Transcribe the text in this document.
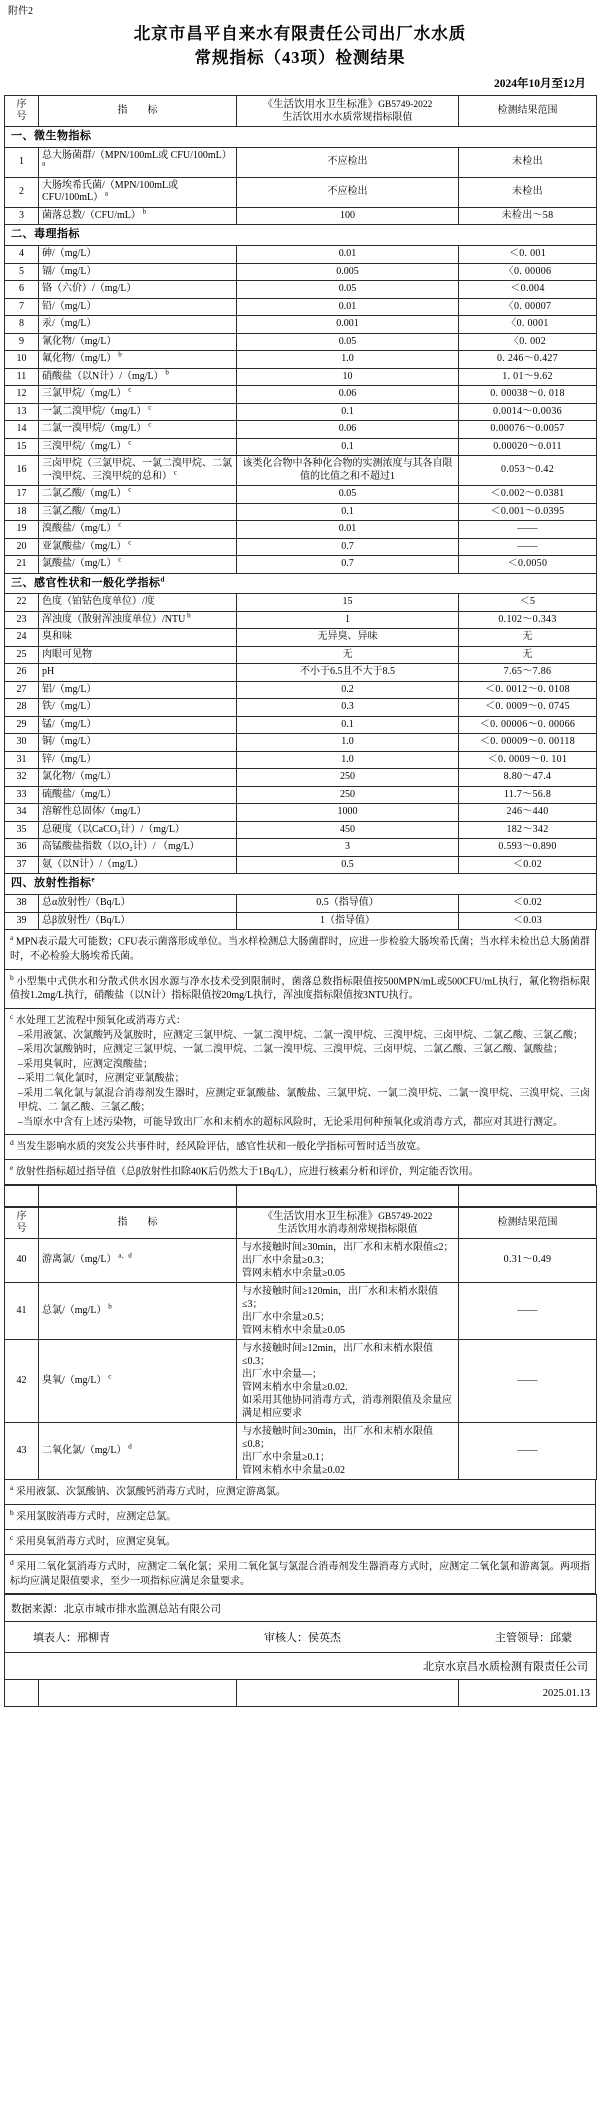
附件2
北京市昌平自来水有限责任公司出厂水水质
常规指标（43项）检测结果
2024年10月至12月
序　号	指　　标	《生活饮用水卫生标准》GB5749-2022
生活饮用水水质常规指标限值	检测结果范围
一、微生物指标			
1	总大肠菌群/（MPN/100mL或 CFU/100mL） $^a$	不应检出	未检出
2	大肠埃希氏菌/（MPN/100mL或 CFU/100mL） $^a$	不应检出	未检出
3	菌落总数/（CFU/mL） $^b$	100	未检出～58
二、毒理指标			
4	砷/（mg/L）	0.01	＜0. 001
5	镉/（mg/L）	0.005	〈0. 00006
6	铬（六价）/（mg/L）	0.05	＜0.004
7	铅/（mg/L）	0.01	〈0. 00007
8	汞/（mg/L）	0.001	〈0. 0001
9	氰化物/（mg/L）	0.05	〈0. 002
10	氟化物/（mg/L） $^b$	1.0	0. 246～0.427
11	硝酸盐（以N计）/（mg/L） $^b$	10	1. 01～9.62
12	三氯甲烷/（mg/L） $^c$	0.06	0. 00038～0. 018
13	一氯二溴甲烷/（mg/L） $^c$	0.1	0.0014～0.0036
14	二氯一溴甲烷/（mg/L） $^c$	0.06	0.00076～0.0057
15	三溴甲烷/（mg/L） $^c$	0.1	0.00020～0.011
16	三卤甲烷（三氯甲烷、一氯二溴甲烷、二氯一溴甲烷、三溴甲烷的总和） $^c$	该类化合物中各种化合物的实测浓度与其各自限值的比值之和不超过1	0.053～0.42
17	二氯乙酸/（mg/L） $^c$	0.05	＜0.002～0.0381
18	三氯乙酸/（mg/L）	0.1	＜0.001～0.0395
19	溴酸盐/（mg/L） $^c$	0.01	——
20	亚氯酸盐/（mg/L） $^c$	0.7	——
21	氯酸盐/（mg/L） $^c$	0.7	＜0.0050
三、感官性状和一般化学指标$^d$
22	色度（铂钴色度单位）/度	15	＜5
23	浑浊度（散射浑浊度单位）/NTU $^b$	1	0.102～0.343
24	臭和味	无异臭、异味	无
25	肉眼可见物	无	无
26	pH	不小于6.5且不大于8.5	7.65～7.86
27	铝/（mg/L）	0.2	＜0. 0012～0. 0108
28	铁/（mg/L）	0.3	＜0. 0009～0. 0745
29	锰/（mg/L）	0.1	＜0. 00006～0. 00066
30	铜/（mg/L）	1.0	＜0. 00009～0. 00118
31	锌/（mg/L）	1.0	＜0. 0009～0. 101
32	氯化物/（mg/L）	250	8.80～47.4
33	硫酸盐/（mg/L）	250	11.7～56.8
34	溶解性总固体/（mg/L）	1000	246～440
35	总硬度（以CaCO₃计）/（mg/L）	450	182～342
36	高锰酸盐指数（以O₂计）/ （mg/L）	3	0.593～0.890
37	氨（以N计）/（mg/L）	0.5	＜0.02
四、放射性指标$^e$
38	总α放射性/（Bq/L）	0.5（指导值）	＜0.02
39	总β放射性/（Bq/L）	1（指导值）	＜0.03
$^a$ MPN表示最大可能数；CFU表示菌落形成单位。当水样检测总大肠菌群时，应进一步检验大肠埃希氏菌；当水样未检出总大肠菌群时，不必检验大肠埃希氏菌。
$^b$ 小型集中式供水和分散式供水因水源与净水技术受到限制时，菌落总数指标限值按500MPN/mL或500CFU/mL执行，氟化物指标限值按1.2mg/L执行，硝酸盐（以N计）指标限值按20mg/L执行，浑浊度指标限值按3NTU执行。
$^c$ 水处理工艺流程中预氧化或消毒方式：
–采用液氯、次氯酸钙及氯胺时，应测定三氯甲烷、一氯二溴甲烷、二氯一溴甲烷、三溴甲烷、三卤甲烷、二氯乙酸、三氯乙酸；
–采用次氯酸钠时，应测定三氯甲烷、一氯二溴甲烷、二氯一溴甲烷、三溴甲烷、三卤甲烷、二氯乙酸、三氯乙酸、氯酸盐；
–采用臭氧时，应测定溴酸盐；
--采用二氧化氯时，应测定亚氯酸盐；
–采用二氧化氯与氯混合消毒剂发生器时，应测定亚氯酸盐、氯酸盐、三氯甲烷、一氯二溴甲烷、二氯一溴甲烷、三溴甲烷、三卤甲烷、二 氯乙酸、三氯乙酸；
–当原水中含有上述污染物，可能导致出厂水和末梢水的超标风险时，无论采用何种预氧化或消毒方式，都应对其进行测定。
$^d$ 当发生影响水质的突发公共事件时，经风险评估，感官性状和一般化学指标可暂时适当放宽。
$^e$ 放射性指标超过指导值（总β放射性扣除40K后仍然大于1Bq/L），应进行核素分析和评价，判定能否饮用。

序　号	指　　标	《生活饮用水卫生标准》GB5749-2022
生活饮用水消毒剂常规指标限值	检测结果范围
40	游离氯/（mg/L） $^{a、d}$	与水接触时间≥30min，出厂水和末梢水限值≤2；
出厂水中余量≥0.3；
管网末梢水中余量≥0.05	0.31～0.49
41	总氯/（mg/L） $^b$	与水接触时间≥120min，出厂水和末梢水限值≤3；
出厂水中余量≥0.5；
管网末梢水中余量≥0.05	——
42	臭氧/（mg/L） $^c$	与水接触时间≥12min，出厂水和末梢水限值≤0.3；
出厂水中余量—；
管网末梢水中余量≥0.02.
如采用其他协同消毒方式，消毒剂限值及余量应满足相应要求	——
43	二氧化氯/（mg/L） $^d$	与水接触时间≥30min，出厂水和末梢水限值≤0.8；
出厂水中余量≥0.1；
管网末梢水中余量≥0.02	——
$^a$ 采用液氯、次氯酸钠、次氯酸钙消毒方式时，应测定游离氯。
$^b$ 采用氯胺消毒方式时，应测定总氯。
$^c$ 采用臭氧消毒方式时，应测定臭氧。
$^d$ 采用二氧化氯消毒方式时，应测定二氧化氯；采用二氧化氯与氯混合消毒剂发生器消毒方式时，应测定二氧化氯和游离氯。两项指标均应满足限值要求，至少一项指标应满足余量要求。
数据来源：北京市城市排水监测总站有限公司

填表人：邢柳青	审核人：侯英杰	主管领导：邱蒙

北京水京昌水质检测有限责任公司
			2025.01.13
